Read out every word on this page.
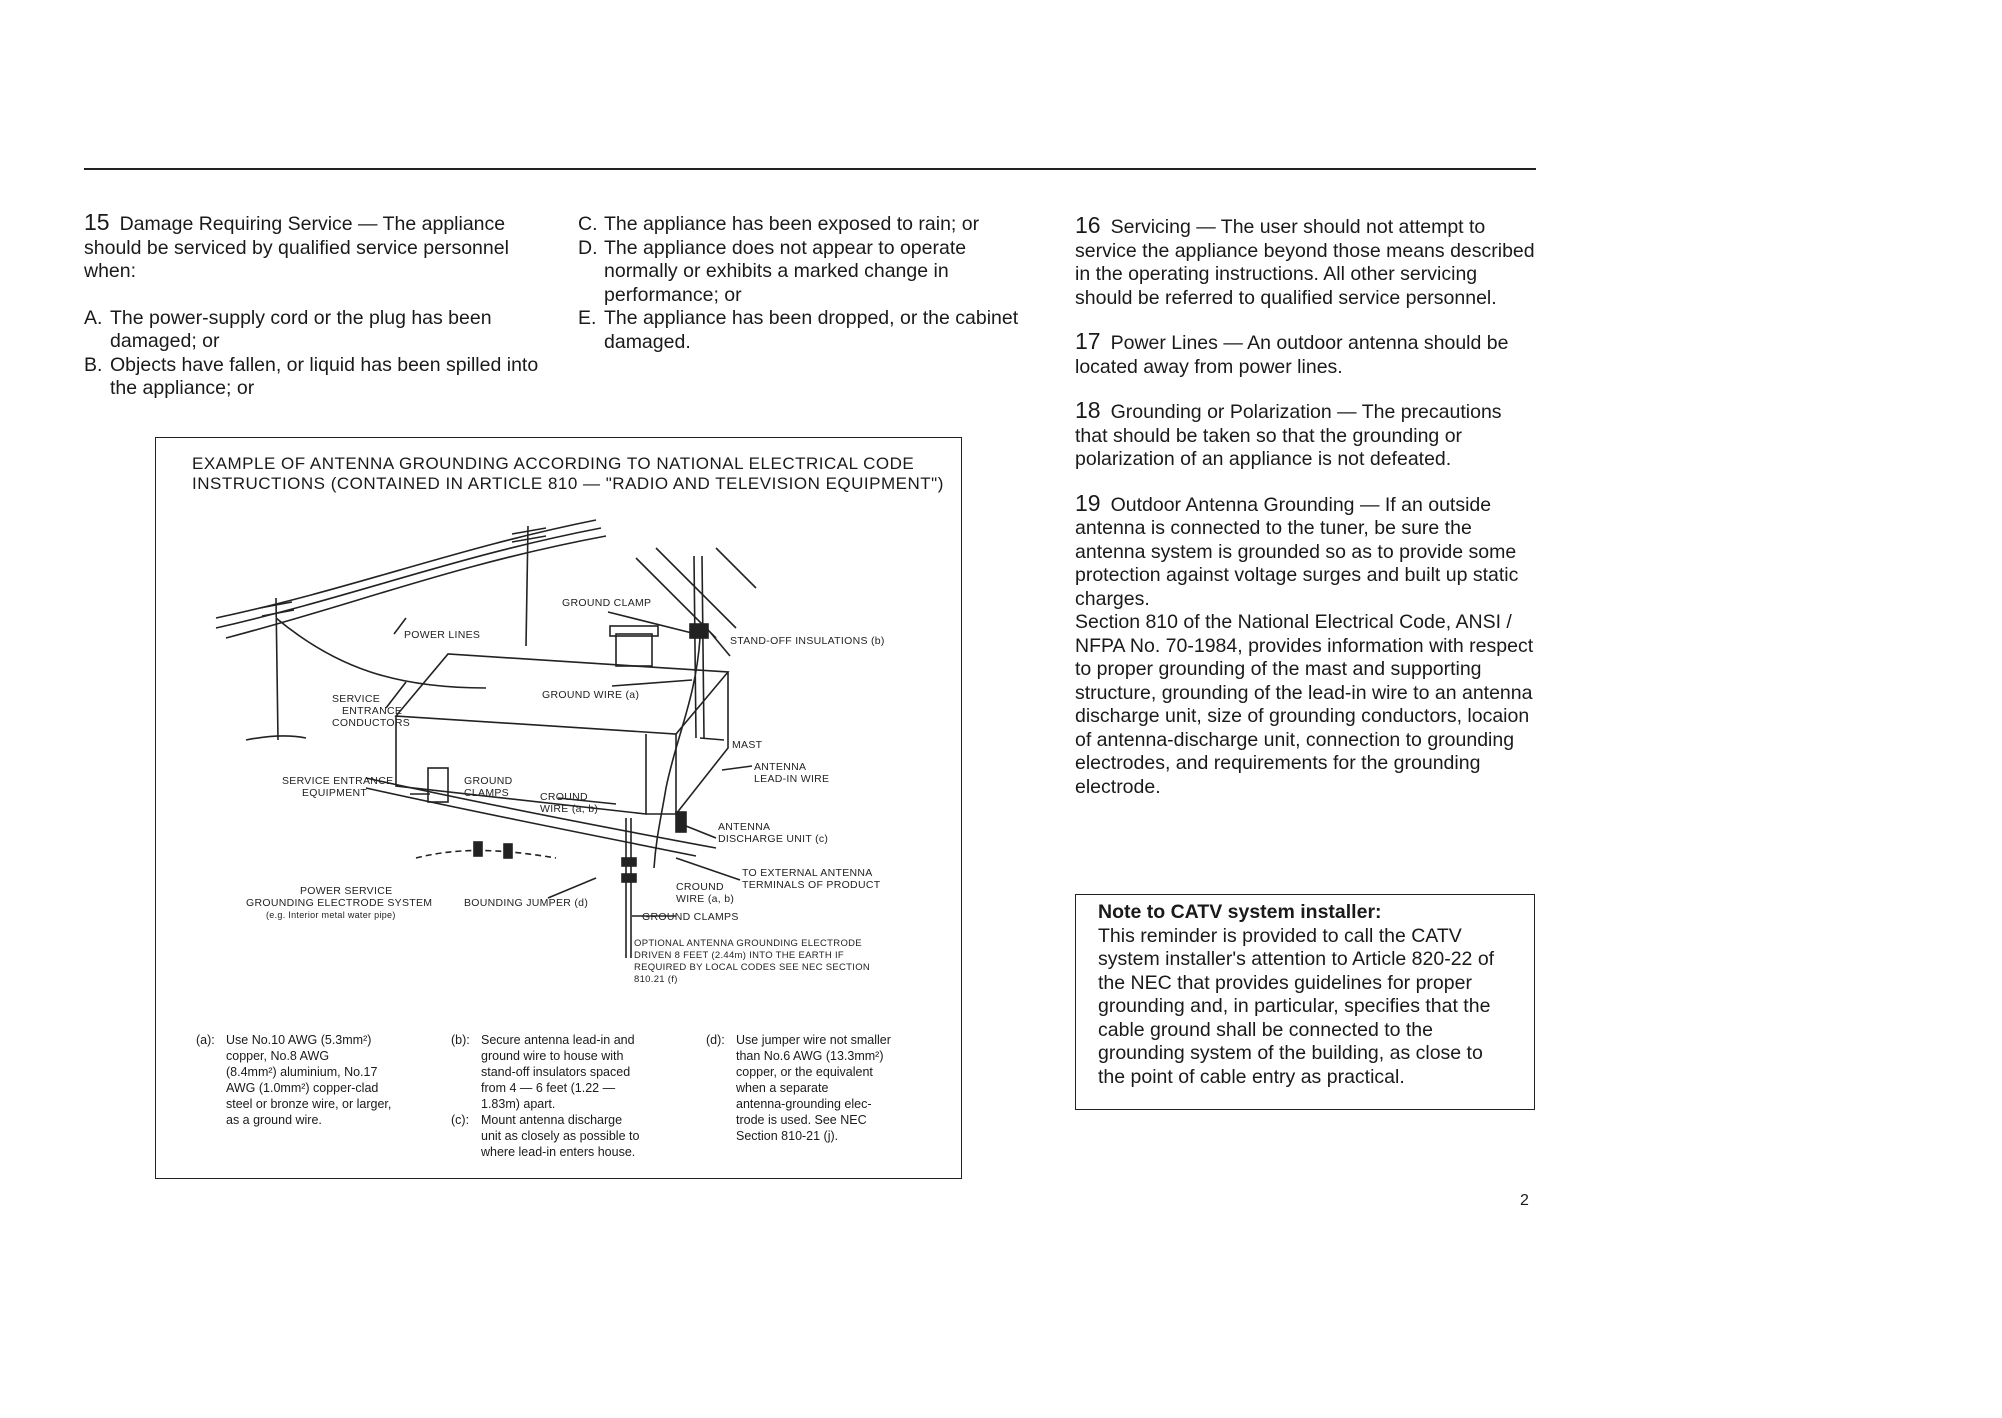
15 Damage Requiring Service — The appliance should be serviced by qualified service personnel when:
A. The power-supply cord or the plug has been damaged; or
B. Objects have fallen, or liquid has been spilled into the appliance; or
C. The appliance has been exposed to rain; or
D. The appliance does not appear to operate normally or exhibits a marked change in performance; or
E. The appliance has been dropped, or the cabinet damaged.

16 Servicing — The user should not attempt to service the appliance beyond those means described in the operating instructions. All other servicing should be referred to qualified service personnel.

17 Power Lines — An outdoor antenna should be located away from power lines.

18 Grounding or Polarization — The precautions that should be taken so that the grounding or polarization of an appliance is not defeated.

19 Outdoor Antenna Grounding — If an outside antenna is connected to the tuner, be sure the antenna system is grounded so as to provide some protection against voltage surges and built up static charges.

Section 810 of the National Electrical Code, ANSI / NFPA No. 70-1984, provides information with respect to proper grounding of the mast and supporting structure, grounding of the lead-in wire to an antenna discharge unit, size of grounding conductors, locaion of antenna-discharge unit, connection to grounding electrodes, and requirements for the grounding electrode.

EXAMPLE OF ANTENNA GROUNDING ACCORDING TO NATIONAL ELECTRICAL CODE INSTRUCTIONS (CONTAINED IN ARTICLE 810 — "RADIO AND TELEVISION EQUIPMENT")
POWER LINES
GROUND CLAMP
STAND-OFF INSULATIONS (b)
SERVICE
ENTRANCE
CONDUCTORS
GROUND WIRE (a)
MAST
ANTENNA
LEAD-IN WIRE
SERVICE ENTRANCE
EQUIPMENT
GROUND
CLAMPS	CROUND
WIRE (a, b)
ANTENNA
DISCHARGE UNIT (c)
TO EXTERNAL ANTENNA
TERMINALS OF PRODUCT
CROUND
WIRE (a, b)
POWER SERVICE
GROUNDING ELECTRODE SYSTEM
(e.g. Interior metal water pipe)
BOUNDING JUMPER (d)
GROUND CLAMPS
OPTIONAL ANTENNA GROUNDING ELECTRODE
DRIVEN 8 FEET (2.44m) INTO THE EARTH IF
REQUIRED BY LOCAL CODES SEE NEC SECTION
810.21 (f)
(a): Use No.10 AWG (5.3mm²)
copper, No.8 AWG
(8.4mm²) aluminium, No.17
AWG (1.0mm²) copper-clad
steel or bronze wire, or larger,
as a ground wire.
(b): Secure antenna lead-in and
ground wire to house with
stand-off insulators spaced
from 4 — 6 feet (1.22 —
1.83m) apart.
(c): Mount antenna discharge
unit as closely as possible to
where lead-in enters house.
(d): Use jumper wire not smaller
than No.6 AWG (13.3mm²)
copper, or the equivalent
when a separate
antenna-grounding elec-
trode is used. See NEC
Section 810-21 (j).
Note to CATV system installer:
This reminder is provided to call the CATV system installer's attention to Article 820-22 of the NEC that provides guidelines for proper grounding and, in particular, specifies that the cable ground shall be connected to the grounding system of the building, as close to the point of cable entry as practical.
2
